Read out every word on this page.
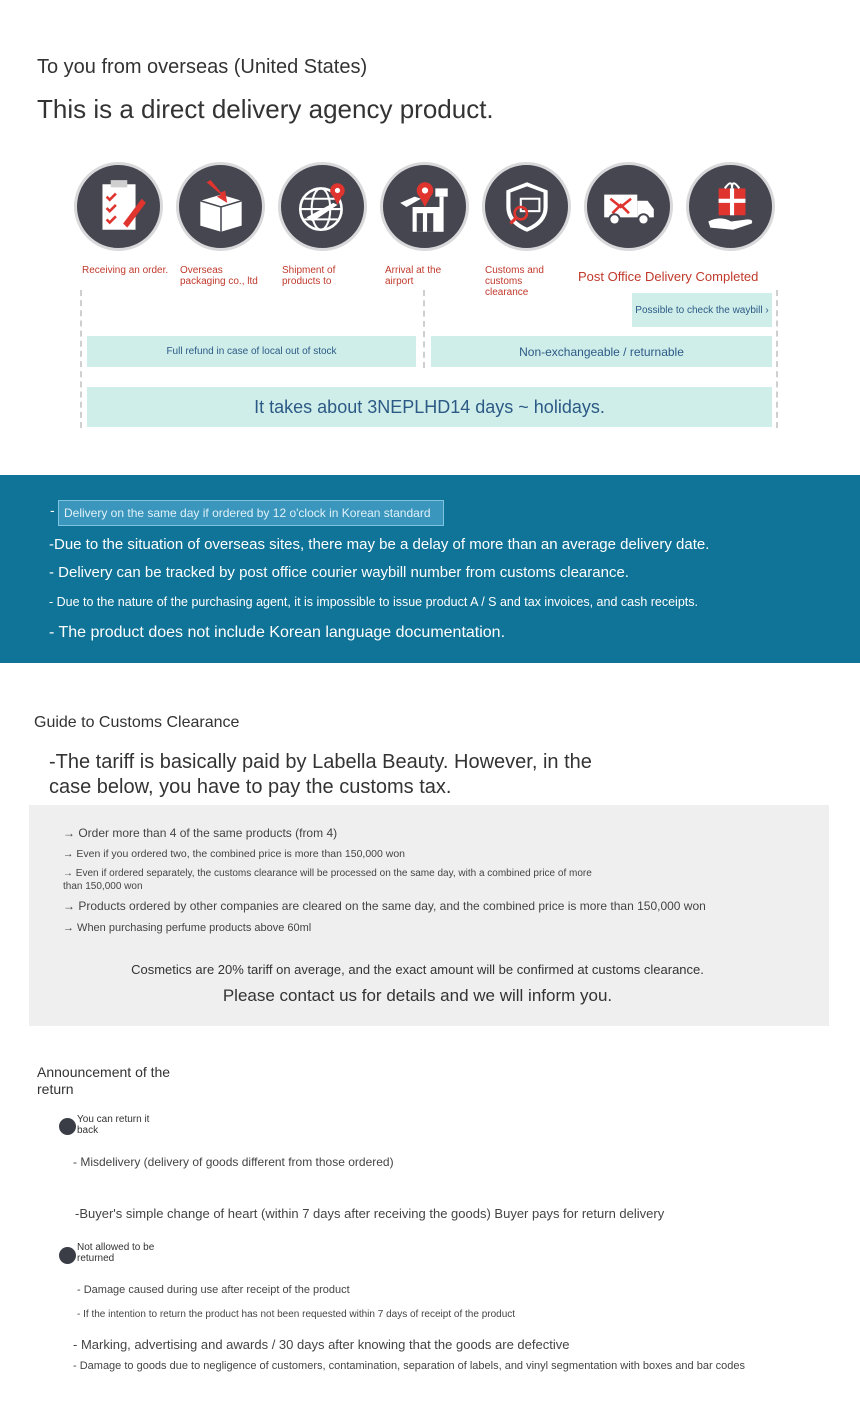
To you from overseas (United States)
This is a direct delivery agency product.
Receiving an order.	Overseas packaging co., ltd
Shipment of products to
Arrival at the airport
Customs and customs clearance
Post Office Delivery Completed
Possible to check the waybill ›
Full refund in case of local out of stock	Non-exchangeable / returnable
It takes about 3NEPLHD14 days ~ holidays.
- Delivery on the same day if ordered by 12 o'clock in Korean standard
-Due to the situation of overseas sites, there may be a delay of more than an average delivery date.
- Delivery can be tracked by post office courier waybill number from customs clearance.
- Due to the nature of the purchasing agent, it is impossible to issue product A / S and tax invoices, and cash receipts.
- The product does not include Korean language documentation.
Guide to Customs Clearance
-The tariff is basically paid by Labella Beauty. However, in the case below, you have to pay the customs tax.
→ Order more than 4 of the same products (from 4)
→ Even if you ordered two, the combined price is more than 150,000 won
→ Even if ordered separately, the customs clearance will be processed on the same day, with a combined price of more than 150,000 won
→ Products ordered by other companies are cleared on the same day, and the combined price is more than 150,000 won
→ When purchasing perfume products above 60ml
Cosmetics are 20% tariff on average, and the exact amount will be confirmed at customs clearance.
Please contact us for details and we will inform you.
Announcement of the return
You can return it back
- Misdelivery (delivery of goods different from those ordered)
-Buyer's simple change of heart (within 7 days after receiving the goods) Buyer pays for return delivery
Not allowed to be returned
- Damage caused during use after receipt of the product
- If the intention to return the product has not been requested within 7 days of receipt of the product
- Marking, advertising and awards / 30 days after knowing that the goods are defective
- Damage to goods due to negligence of customers, contamination, separation of labels, and vinyl segmentation with boxes and bar codes
